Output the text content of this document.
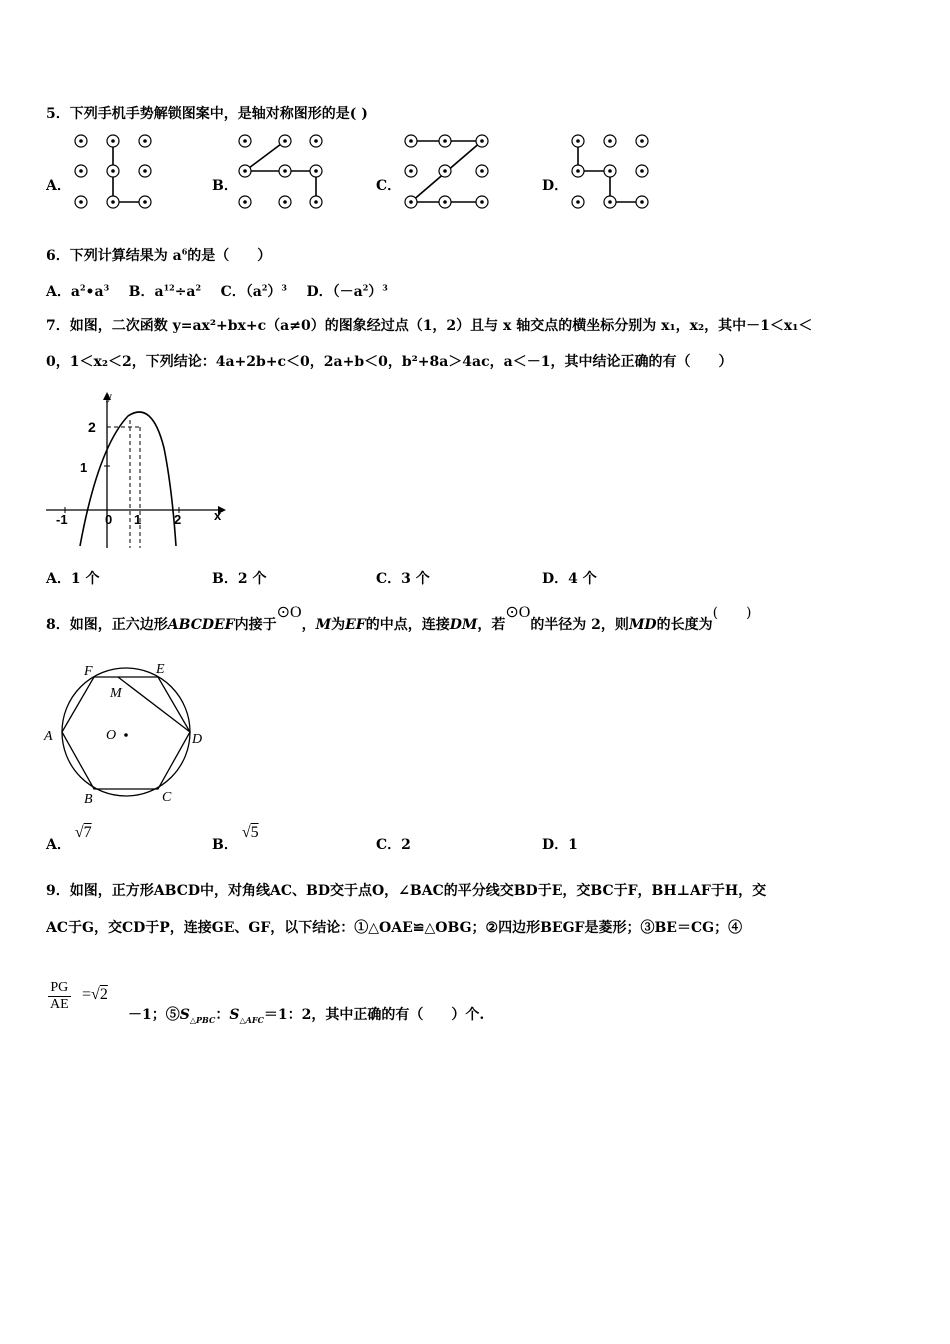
5．下列手机手势解锁图案中，是轴对称图形的是( )
A．	B．	C．	D．
6．下列计算结果为 $a^6$的是（　　）
A．$a^2•a^3$ B．$a^{12}\div a^2$ C．$(a^2)^3$ D．$(-a^2)^3$
7．如图，二次函数 y=ax²+bx+c（a≠0）的图象经过点（1，2）且与 x 轴交点的横坐标分别为 x₁，x₂，其中－1＜x₁＜
0，1＜x₂＜2，下列结论：4a+2b+c＜0，2a+b＜0，b²+8a＞4ac，a＜－1，其中结论正确的有（　　）
y
x
-1	0 1	2
2
1
A．1 个	B．2 个	C．3 个	D．4 个
8．如图，正六边形ABCDEF内接于⊙O，M为EF的中点，连接DM，若⊙O的半径为 2，则MD的长度为(　　)
F	E
M
A	O	D
B	C
A．√7
B．√5
C．2	D．1
9．如图，正方形ABCD中，对角线AC、BD交于点O，∠BAC的平分线交BD于E，交BC于F，BH⊥AF于H，交
AC于G，交CD于P，连接GE、GF，以下结论：①△OAE≌△OBG；②四边形BEGF是菱形；③BE＝CG；④
$\frac{PG}{AE} =√2$
－1；$⑤S_{\triangle PBC}$：$S_{\triangle AFC}=1$：2，其中正确的有（　　）个.
